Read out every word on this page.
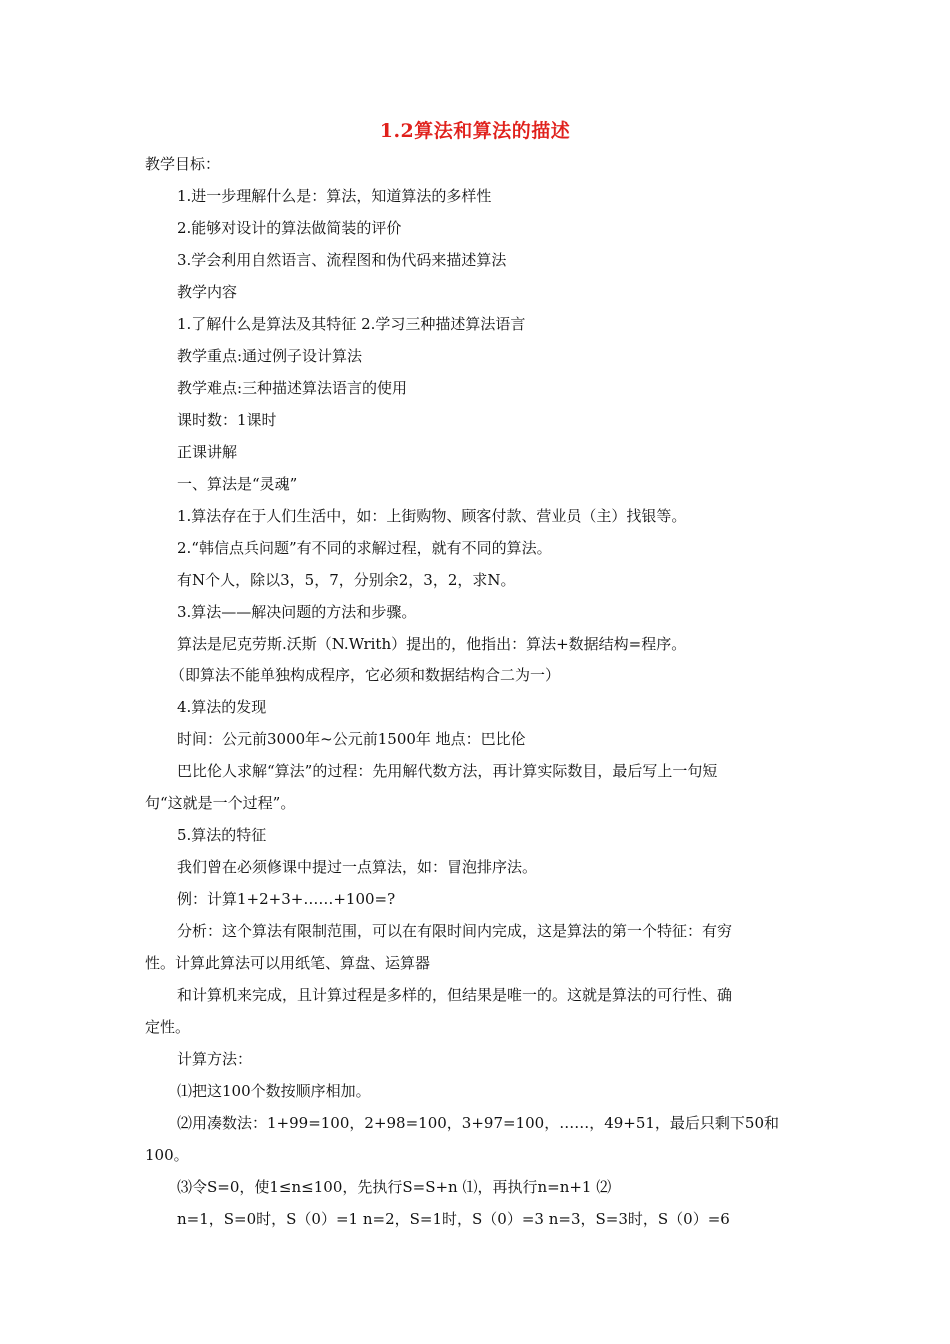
1.2算法和算法的描述
教学目标：
1.进一步理解什么是：算法，知道算法的多样性
2.能够对设计的算法做简装的评价
3.学会利用自然语言、流程图和伪代码来描述算法
教学内容
1.了解什么是算法及其特征 2.学习三种描述算法语言
教学重点:通过例子设计算法
教学难点:三种描述算法语言的使用
课时数：1课时
正课讲解
一、算法是“灵魂”
1.算法存在于人们生活中，如：上街购物、顾客付款、营业员（主）找银等。
2.“韩信点兵问题”有不同的求解过程，就有不同的算法。
有N个人，除以3，5，7，分别余2，3，2，求N。
3.算法——解决问题的方法和步骤。
算法是尼克劳斯.沃斯（N.Writh）提出的，他指出：算法+数据结构=程序。
（即算法不能单独构成程序，它必须和数据结构合二为一）
4.算法的发现
时间：公元前3000年~公元前1500年 地点：巴比伦
巴比伦人求解“算法”的过程：先用解代数方法，再计算实际数目，最后写上一句短
句“这就是一个过程”。
5.算法的特征
我们曾在必须修课中提过一点算法，如：冒泡排序法。
例：计算1+2+3+……+100=?
分析：这个算法有限制范围，可以在有限时间内完成，这是算法的第一个特征：有穷
性。计算此算法可以用纸笔、算盘、运算器
和计算机来完成，且计算过程是多样的，但结果是唯一的。这就是算法的可行性、确
定性。
计算方法：
⑴把这100个数按顺序相加。
⑵用凑数法：1+99=100，2+98=100，3+97=100，……，49+51，最后只剩下50和
100。
⑶令S=0，使1≤n≤100，先执行S=S+n ⑴，再执行n=n+1 ⑵
n=1，S=0时，S（0）=1 n=2，S=1时，S（0）=3 n=3，S=3时，S（0）=6
